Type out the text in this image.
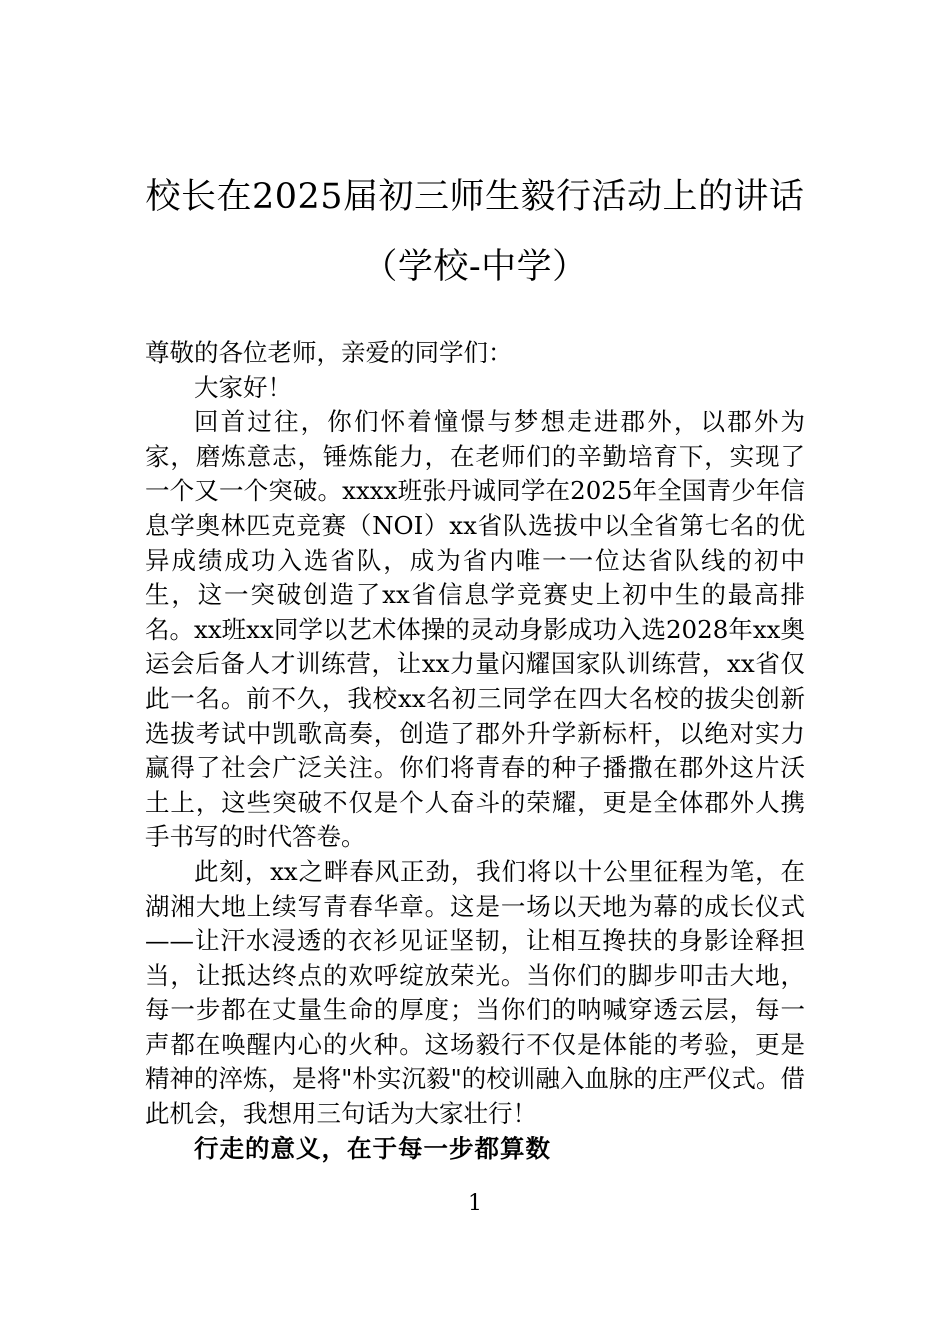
校长在2025届初三师生毅行活动上的讲话
（学校-中学）

尊敬的各位老师，亲爱的同学们：

大家好！

回首过往，你们怀着憧憬与梦想走进郡外，以郡外为家，磨炼意志，锤炼能力，在老师们的辛勤培育下，实现了一个又一个突破。xxxx班张丹诚同学在2025年全国青少年信息学奥林匹克竞赛（NOI）xx省队选拔中以全省第七名的优异成绩成功入选省队，成为省内唯一一位达省队线的初中生，这一突破创造了xx省信息学竞赛史上初中生的最高排名。xx班xx同学以艺术体操的灵动身影成功入选2028年xx奥运会后备人才训练营，让xx力量闪耀国家队训练营，xx省仅此一名。前不久，我校xx名初三同学在四大名校的拔尖创新选拔考试中凯歌高奏，创造了郡外升学新标杆，以绝对实力赢得了社会广泛关注。你们将青春的种子播撒在郡外这片沃土上，这些突破不仅是个人奋斗的荣耀，更是全体郡外人携手书写的时代答卷。

此刻，xx之畔春风正劲，我们将以十公里征程为笔，在湖湘大地上续写青春华章。这是一场以天地为幕的成长仪式——让汗水浸透的衣衫见证坚韧，让相互搀扶的身影诠释担当，让抵达终点的欢呼绽放荣光。当你们的脚步叩击大地，每一步都在丈量生命的厚度；当你们的呐喊穿透云层，每一声都在唤醒内心的火种。这场毅行不仅是体能的考验，更是精神的淬炼，是将"朴实沉毅"的校训融入血脉的庄严仪式。借此机会，我想用三句话为大家壮行！

行走的意义，在于每一步都算数

1
